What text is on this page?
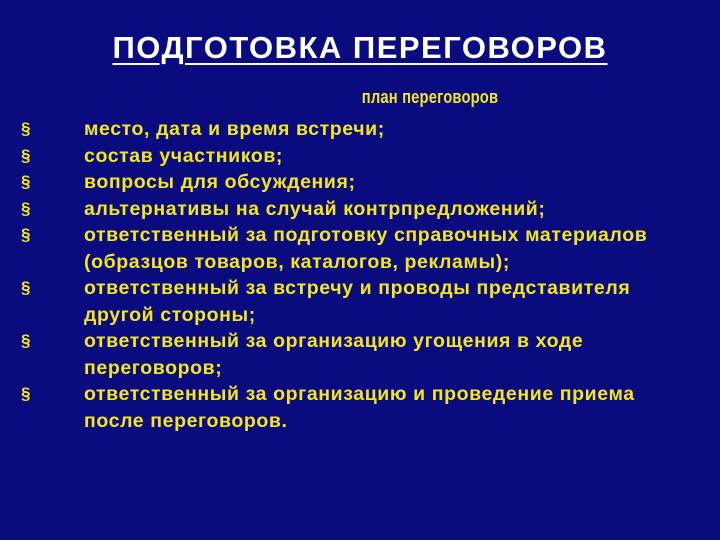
ПОДГОТОВКА ПЕРЕГОВОРОВ
план переговоров
§	место, дата и время встречи;
§	состав участников;
§	вопросы для обсуждения;
§	альтернативы на случай контрпредложений;
§	ответственный за подготовку справочных материалов (образцов товаров, каталогов, рекламы);
§	ответственный за встречу и проводы представителя другой стороны;
§	ответственный за организацию угощения в ходе переговоров;
§	ответственный за организацию и проведение приема после переговоров.
